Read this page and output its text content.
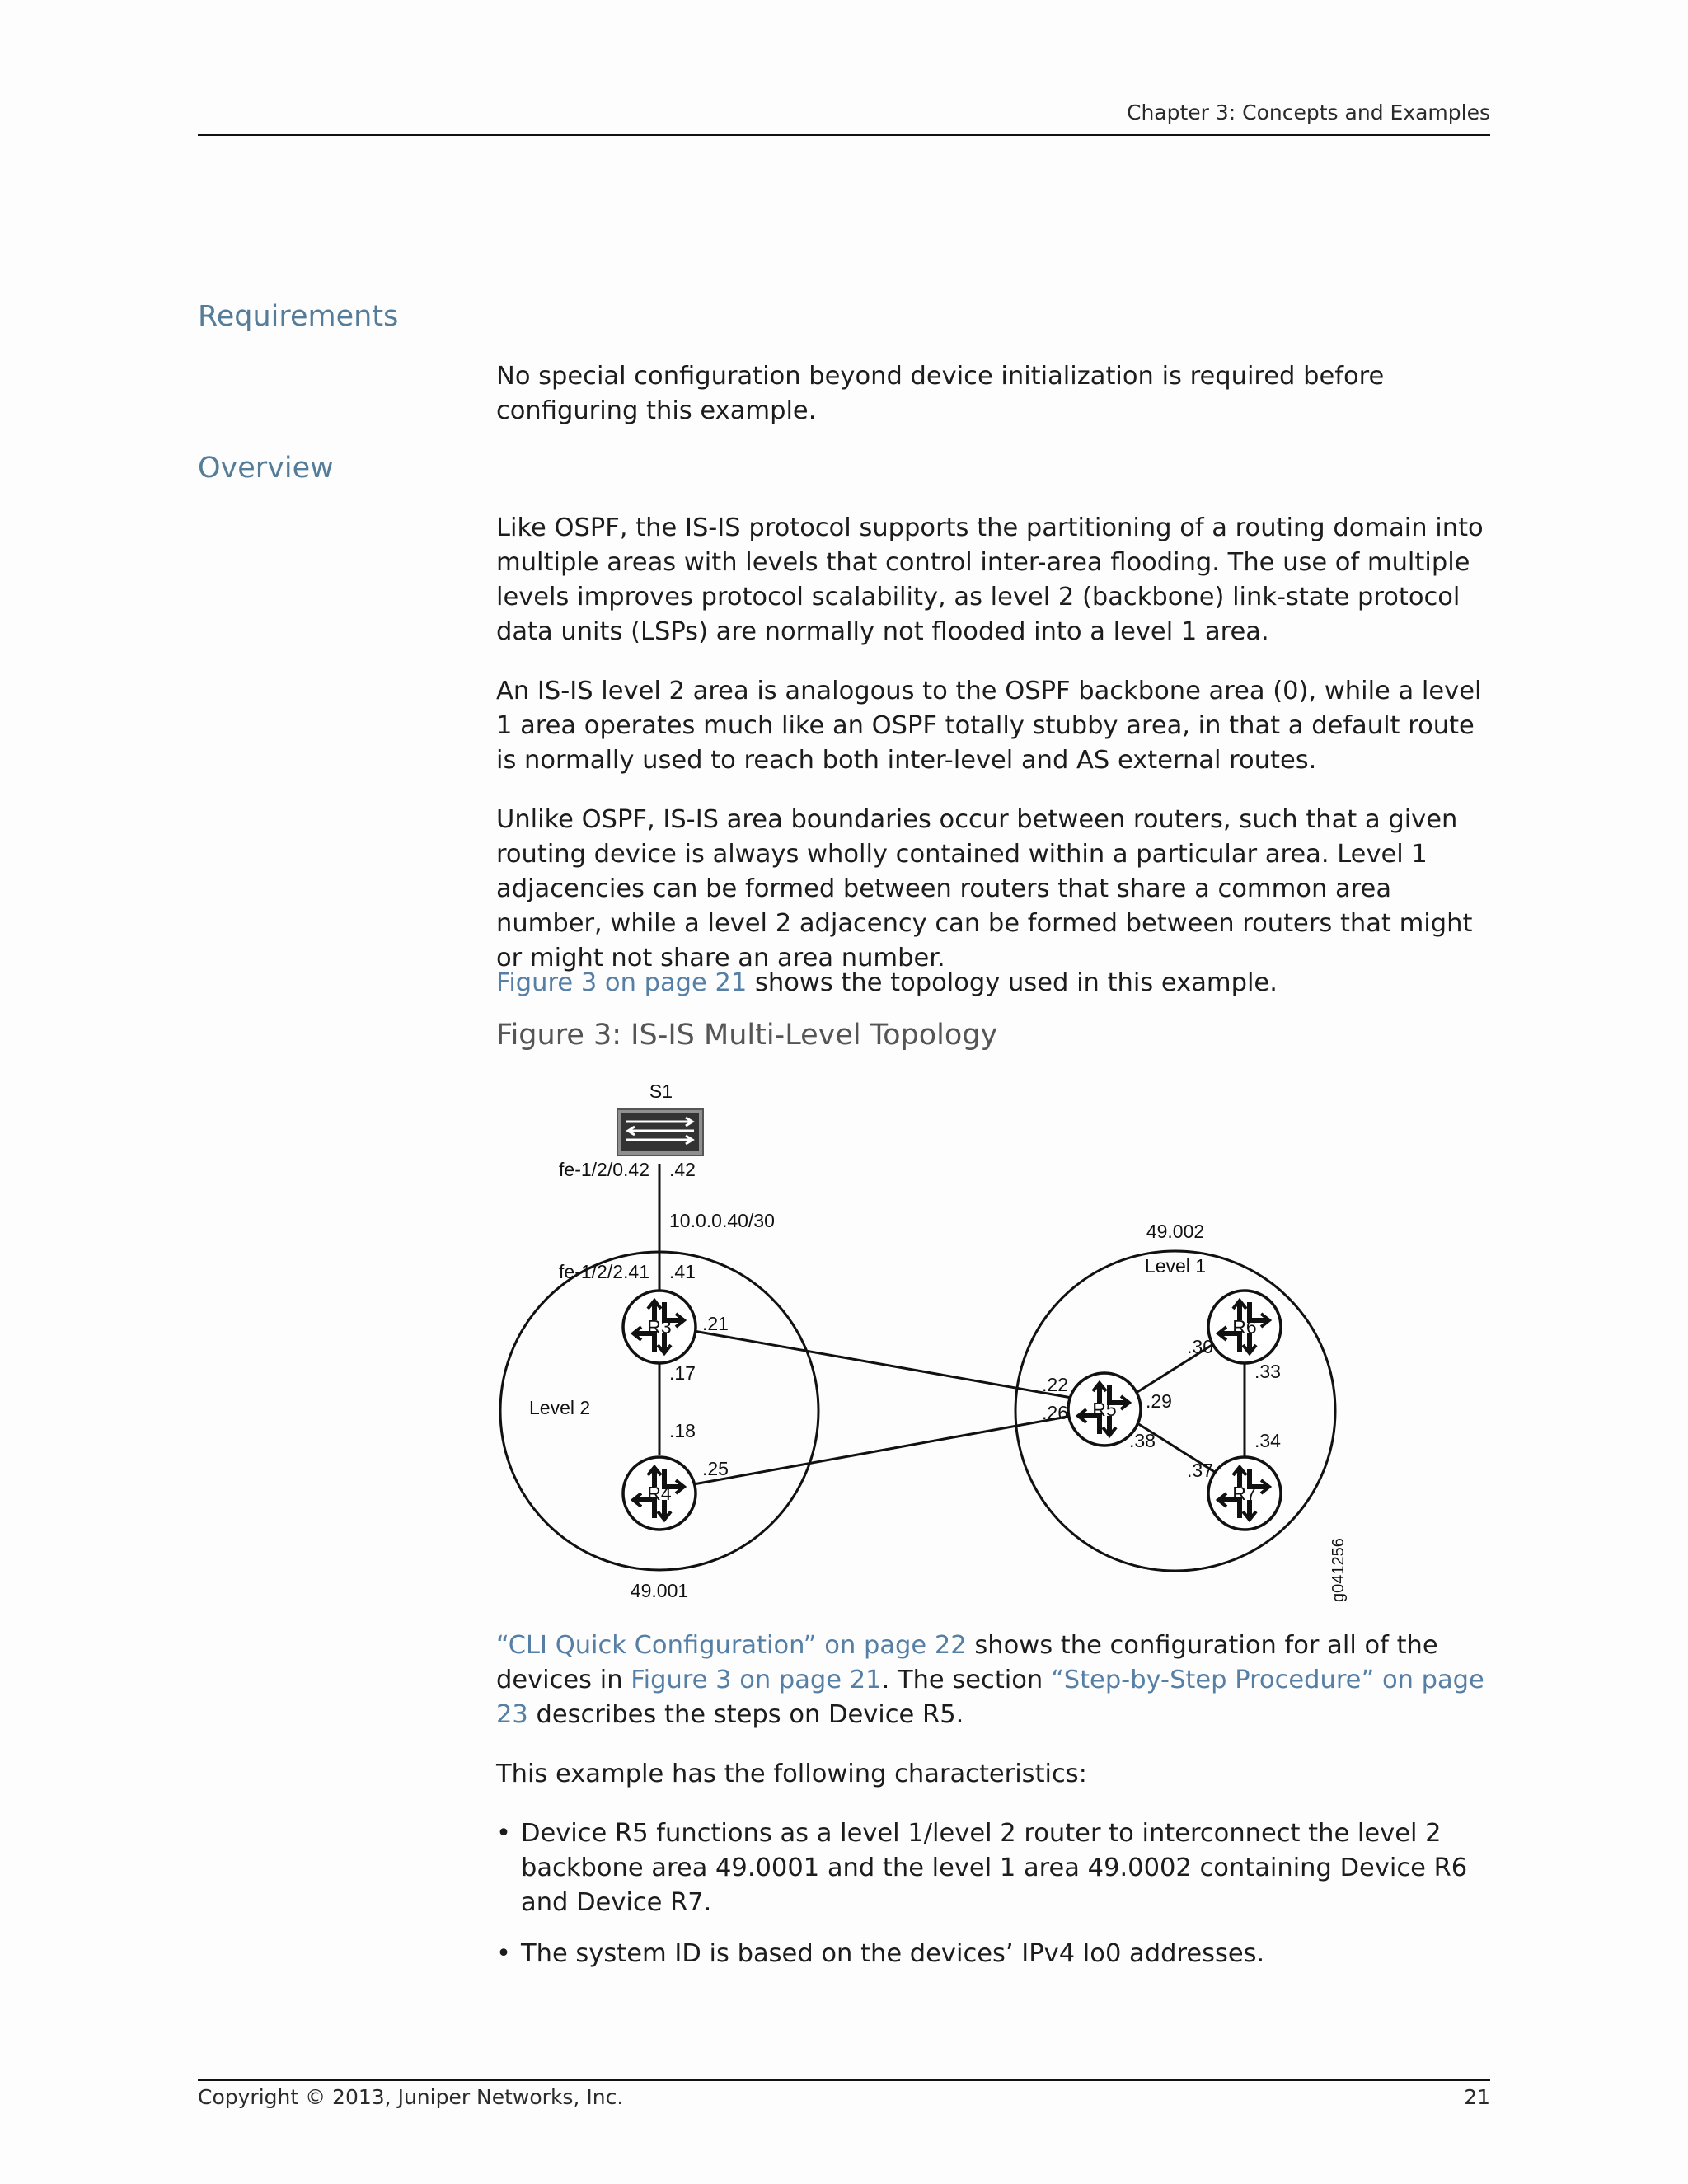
Chapter 3: Concepts and Examples
Requirements

No special configuration beyond device initialization is required before configuring this example.

Overview

Like OSPF, the IS-IS protocol supports the partitioning of a routing domain into multiple areas with levels that control inter-area flooding. The use of multiple levels improves protocol scalability, as level 2 (backbone) link-state protocol data units (LSPs) are normally not flooded into a level 1 area.

An IS-IS level 2 area is analogous to the OSPF backbone area (0), while a level 1 area operates much like an OSPF totally stubby area, in that a default route is normally used to reach both inter-level and AS external routes.

Unlike OSPF, IS-IS area boundaries occur between routers, such that a given routing device is always wholly contained within a particular area. Level 1 adjacencies can be formed between routers that share a common area number, while a level 2 adjacency can be formed between routers that might or might not share an area number.

Figure 3 on page 21 shows the topology used in this example.

Figure 3: IS-IS Multi-Level Topology
R3
R4
R5
R6
R7
S1
fe-1/2/0.42 .42
10.0.0.40/30
fe-1/2/2.41 .41
.21
.17
.18
.25
.22
.26
.29
.38
.30
.33
.34
.37
Level 2
49.001
49.002
Level 1
g041256

“CLI Quick Configuration” on page 22 shows the configuration for all of the devices in Figure 3 on page 21. The section “Step-by-Step Procedure” on page 23 describes the steps on Device R5.

This example has the following characteristics:

• Device R5 functions as a level 1/level 2 router to interconnect the level 2 backbone area 49.0001 and the level 1 area 49.0002 containing Device R6 and Device R7.
• The system ID is based on the devices’ IPv4 lo0 addresses.
Copyright © 2013, Juniper Networks, Inc.	21
